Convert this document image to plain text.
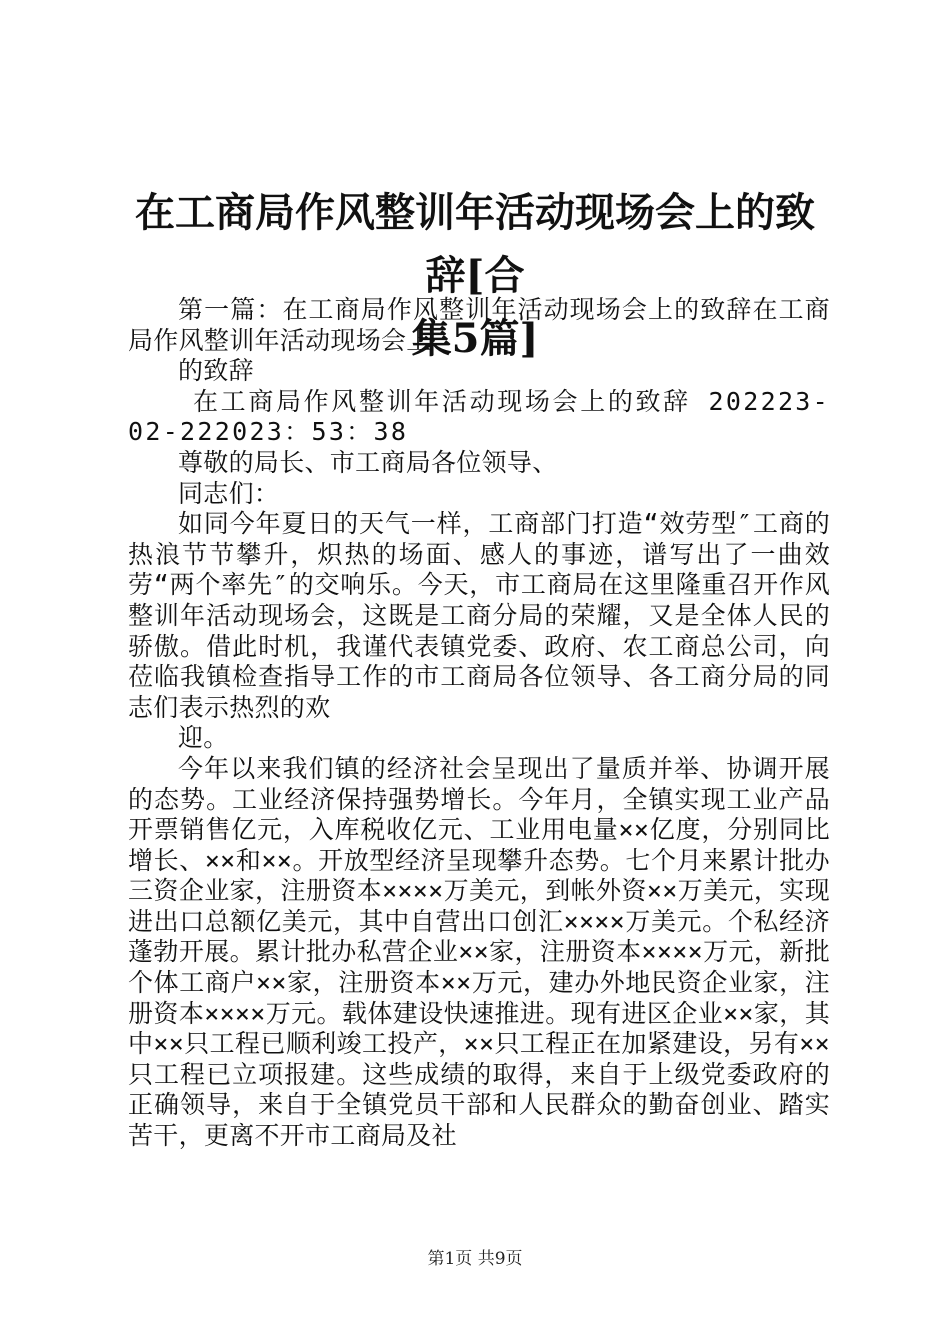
在工商局作风整训年活动现场会上的致辞[合
集5篇]

第一篇：在工商局作风整训年活动现场会上的致辞在工商局作风整训年活动现场会上

的致辞

在工商局作风整训年活动现场会上的致辞 202223-02-222023：53：38

尊敬的局长、市工商局各位领导、

同志们：

如同今年夏日的天气一样，工商部门打造“效劳型″工商的热浪节节攀升，炽热的场面、感人的事迹，谱写出了一曲效劳“两个率先″的交响乐。今天，市工商局在这里隆重召开作风整训年活动现场会，这既是工商分局的荣耀，又是全体人民的骄傲。借此时机，我谨代表镇党委、政府、农工商总公司，向莅临我镇检查指导工作的市工商局各位领导、各工商分局的同志们表示热烈的欢

迎。

今年以来我们镇的经济社会呈现出了量质并举、协调开展的态势。工业经济保持强势增长。今年月，全镇实现工业产品开票销售亿元，入库税收亿元、工业用电量××亿度，分别同比增长、××和××。开放型经济呈现攀升态势。七个月来累计批办三资企业家，注册资本××××万美元，到帐外资××万美元，实现进出口总额亿美元，其中自营出口创汇××××万美元。个私经济蓬勃开展。累计批办私营企业××家，注册资本××××万元，新批个体工商户××家，注册资本××万元，建办外地民资企业家，注册资本××××万元。载体建设快速推进。现有进区企业××家，其中××只工程已顺利竣工投产，××只工程正在加紧建设，另有××只工程已立项报建。这些成绩的取得，来自于上级党委政府的正确领导，来自于全镇党员干部和人民群众的勤奋创业、踏实苦干，更离不开市工商局及社

第1页 共9页
